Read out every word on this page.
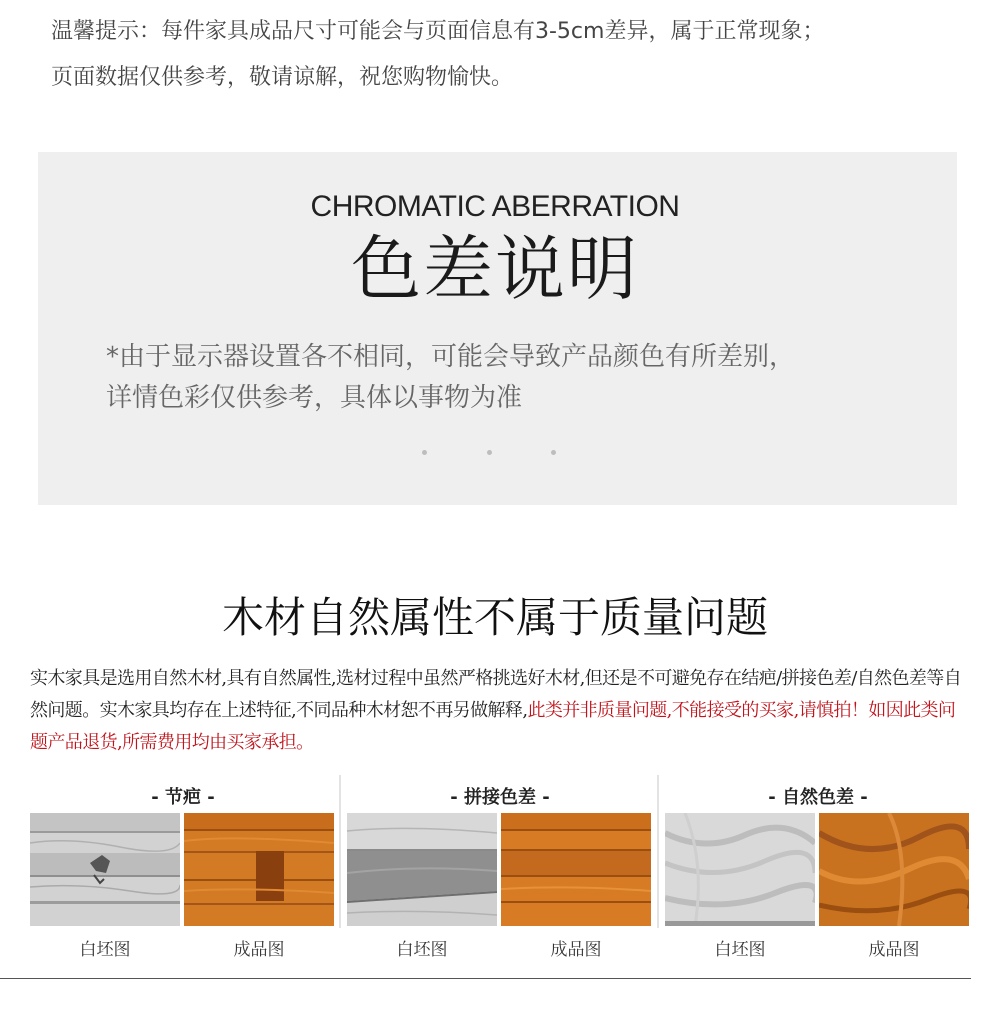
温馨提示：每件家具成品尺寸可能会与页面信息有3-5cm差异，属于正常现象；
页面数据仅供参考，敬请谅解，祝您购物愉快。
CHROMATIC ABERRATION
色差说明
*由于显示器设置各不相同，可能会导致产品颜色有所差别，
详情色彩仅供参考，具体以事物为准
木材自然属性不属于质量问题
实木家具是选用自然木材,具有自然属性,选材过程中虽然严格挑选好木材,但还是不可避免存在结疤/拼接色差/自然色差等自然问题。实木家具均存在上述特征,不同品种木材恕不再另做解释,此类并非质量问题,不能接受的买家,请慎拍！如因此类问题产品退货,所需费用均由买家承担。
- 节疤 -
白坯图	成品图
- 拼接色差 -
白坯图	成品图
- 自然色差 -
白坯图	成品图
